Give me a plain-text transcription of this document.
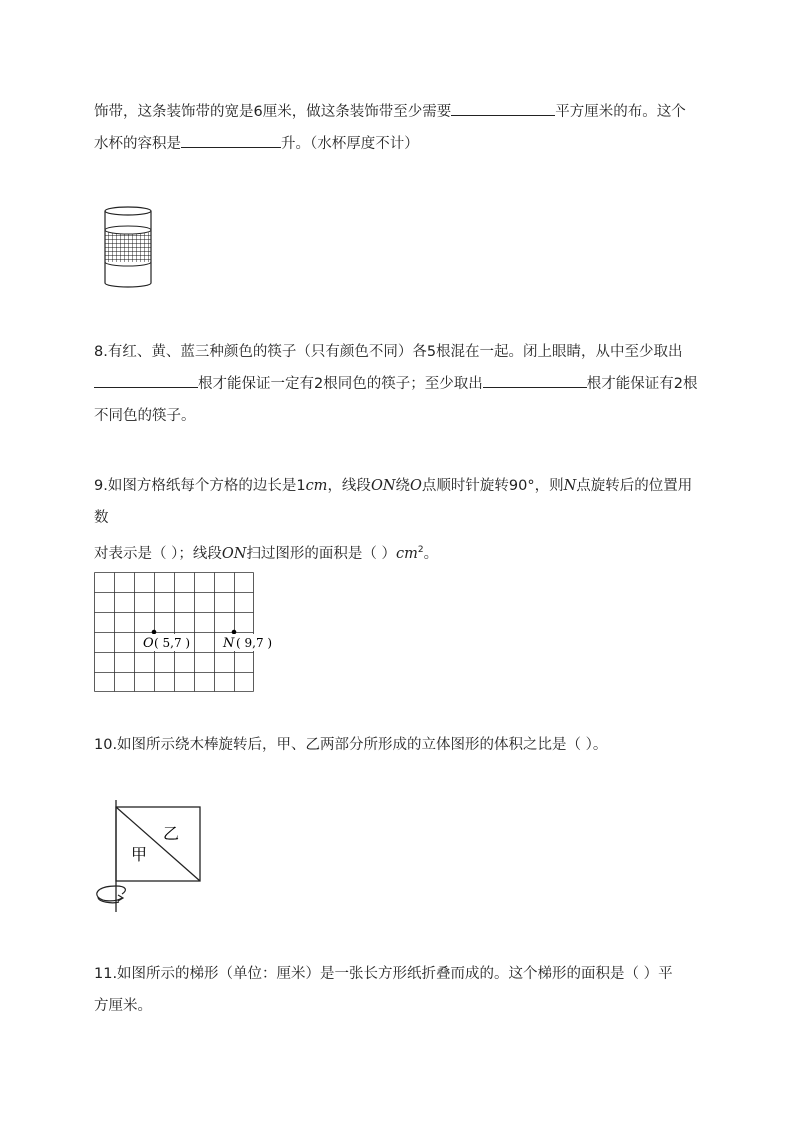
饰带，这条装饰带的宽是6厘米，做这条装饰带至少需要	平方厘米的布。这个
水杯的容积是	升。（水杯厚度不计）
8.有红、黄、蓝三种颜色的筷子（只有颜色不同）各5根混在一起。闭上眼睛，从中至少取出
根才能保证一定有2根同色的筷子；至少取出	根才能保证有2根
不同色的筷子。
9.如图方格纸每个方格的边长是1cm，线段ON绕O点顺时针旋转90°，则N点旋转后的位置用数
对表示是（ ）；线段ON扫过图形的面积是（ ）$cm^2$。
O ( 5,7 )	N ( 9,7 )
10.如图所示绕木棒旋转后，甲、乙两部分所形成的立体图形的体积之比是（ ）。
乙
甲
11.如图所示的梯形（单位：厘米）是一张长方形纸折叠而成的。这个梯形的面积是（ ）平
方厘米。
